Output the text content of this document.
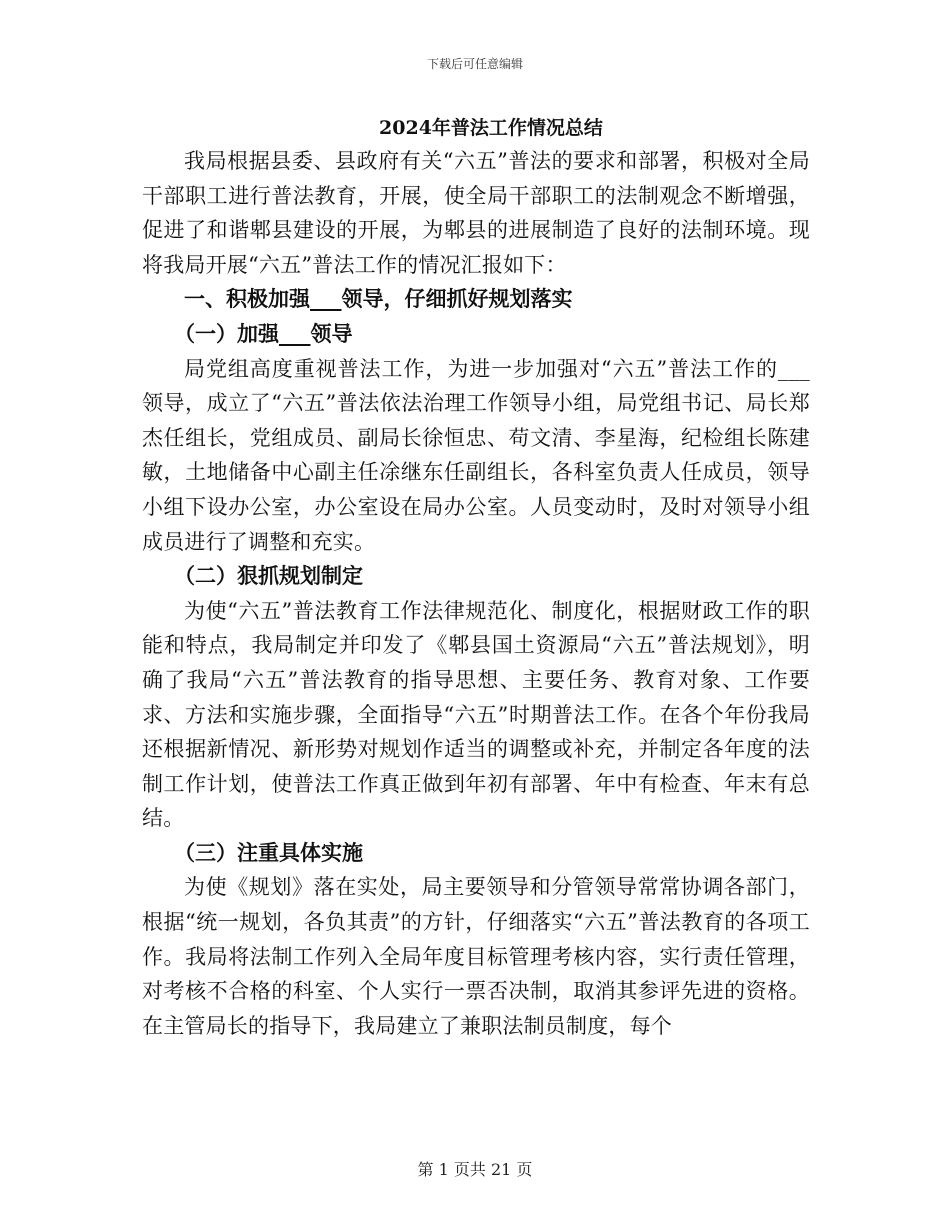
下载后可任意编辑
2024年普法工作情况总结

我局根据县委、县政府有关“六五”普法的要求和部署，积极对全局干部职工进行普法教育，开展，使全局干部职工的法制观念不断增强，促进了和谐郫县建设的开展，为郫县的进展制造了良好的法制环境。现将我局开展“六五”普法工作的情况汇报如下：

一、积极加强___领导，仔细抓好规划落实

（一）加强___领导

局党组高度重视普法工作，为进一步加强对“六五”普法工作的___领导，成立了“六五”普法依法治理工作领导小组，局党组书记、局长郑杰任组长，党组成员、副局长徐恒忠、苟文清、李星海，纪检组长陈建敏，土地储备中心副主任凃继东任副组长，各科室负责人任成员，领导小组下设办公室，办公室设在局办公室。人员变动时，及时对领导小组成员进行了调整和充实。

（二）狠抓规划制定

为使“六五”普法教育工作法律规范化、制度化，根据财政工作的职能和特点，我局制定并印发了《郫县国土资源局“六五”普法规划》，明确了我局“六五”普法教育的指导思想、主要任务、教育对象、工作要求、方法和实施步骤，全面指导“六五”时期普法工作。在各个年份我局还根据新情况、新形势对规划作适当的调整或补充，并制定各年度的法制工作计划，使普法工作真正做到年初有部署、年中有检查、年末有总结。

（三）注重具体实施

为使《规划》落在实处，局主要领导和分管领导常常协调各部门，根据“统一规划，各负其责”的方针，仔细落实“六五”普法教育的各项工作。我局将法制工作列入全局年度目标管理考核内容，实行责任管理，对考核不合格的科室、个人实行一票否决制，取消其参评先进的资格。在主管局长的指导下，我局建立了兼职法制员制度，每个

第 1 页共 21 页
